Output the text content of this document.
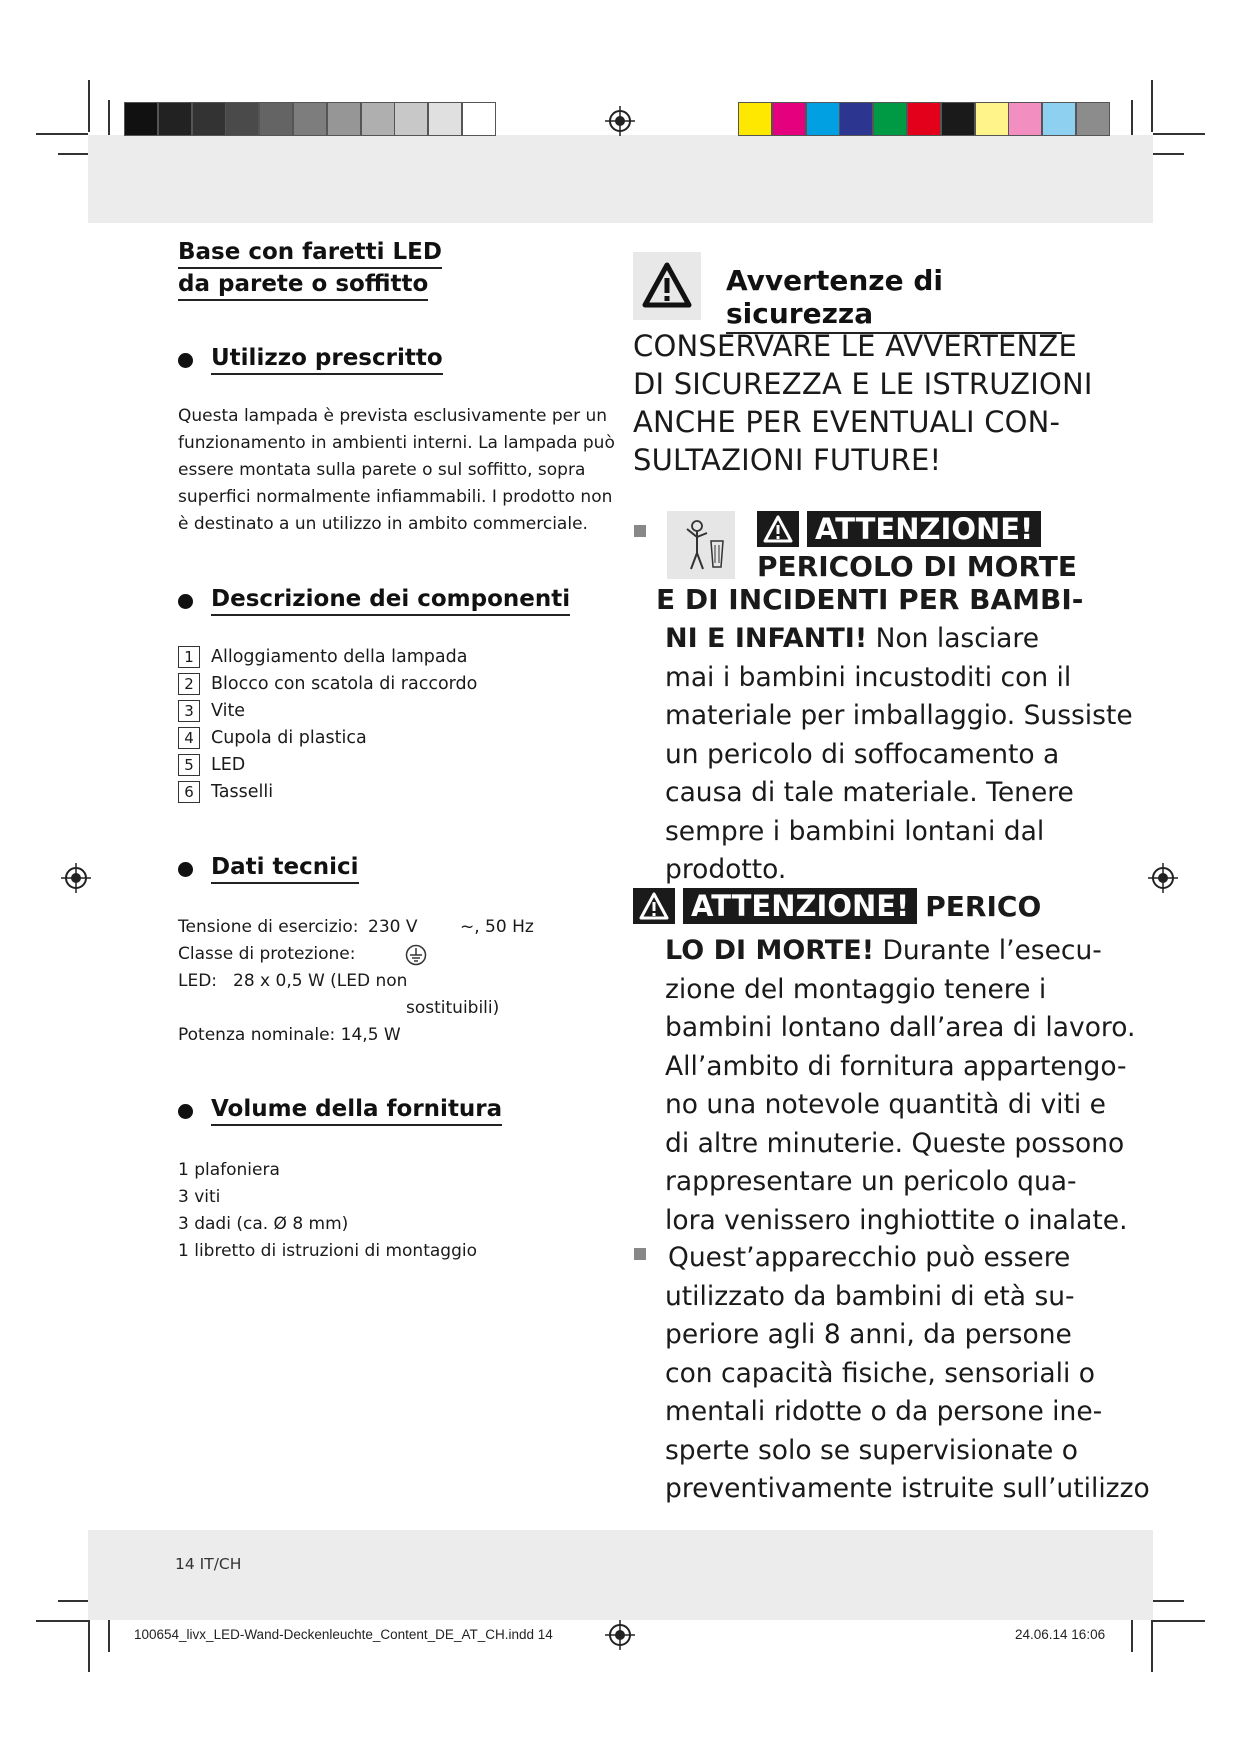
Base con faretti LED
da parete o soffitto
Utilizzo prescritto
Questa lampada è prevista esclusivamente per un
funzionamento in ambienti interni. La lampada può
essere montata sulla parete o sul soffitto, sopra
superfici normalmente infiammabili. I prodotto non
è destinato a un utilizzo in ambito commerciale.
Descrizione dei componenti
1 Alloggiamento della lampada
2 Blocco con scatola di raccordo
3 Vite
4 Cupola di plastica
5 LED
6 Tasselli
Dati tecnici
Tensione di esercizio: 230 V	~, 50 Hz
Classe di protezione:
LED: 28 x 0,5 W (LED non
sostituibili)
Potenza nominale: 14,5 W
Volume della fornitura
1 plafoniera
3 viti
3 dadi (ca. Ø 8 mm)
1 libretto di istruzioni di montaggio
Avvertenze di sicurezza
CONSERVARE LE AVVERTENZE
DI SICUREZZA E LE ISTRUZIONI
ANCHE PER EVENTUALI CON-
SULTAZIONI FUTURE!
ATTENZIONE!
PERICOLO DI MORTE
E DI INCIDENTI PER BAMBI-
NI E INFANTI! Non lasciare
mai i bambini incustoditi con il
materiale per imballaggio. Sussiste
un pericolo di soffocamento a
causa di tale materiale. Tenere
sempre i bambini lontani dal
prodotto.
ATTENZIONE! PERICO
LO DI MORTE! Durante l’esecu-
zione del montaggio tenere i
bambini lontano dall’area di lavoro.
All’ambito di fornitura appartengo-
no una notevole quantità di viti e
di altre minuterie. Queste possono
rappresentare un pericolo qua-
lora venissero inghiottite o inalate.
Quest’apparecchio può essere
utilizzato da bambini di età su-
periore agli 8 anni, da persone
con capacità fisiche, sensoriali o
mentali ridotte o da persone ine-
sperte solo se supervisionate o
preventivamente istruite sull’utilizzo
14 IT/CH
100654_livx_LED-Wand-Deckenleuchte_Content_DE_AT_CH.indd 14	24.06.14 16:06
